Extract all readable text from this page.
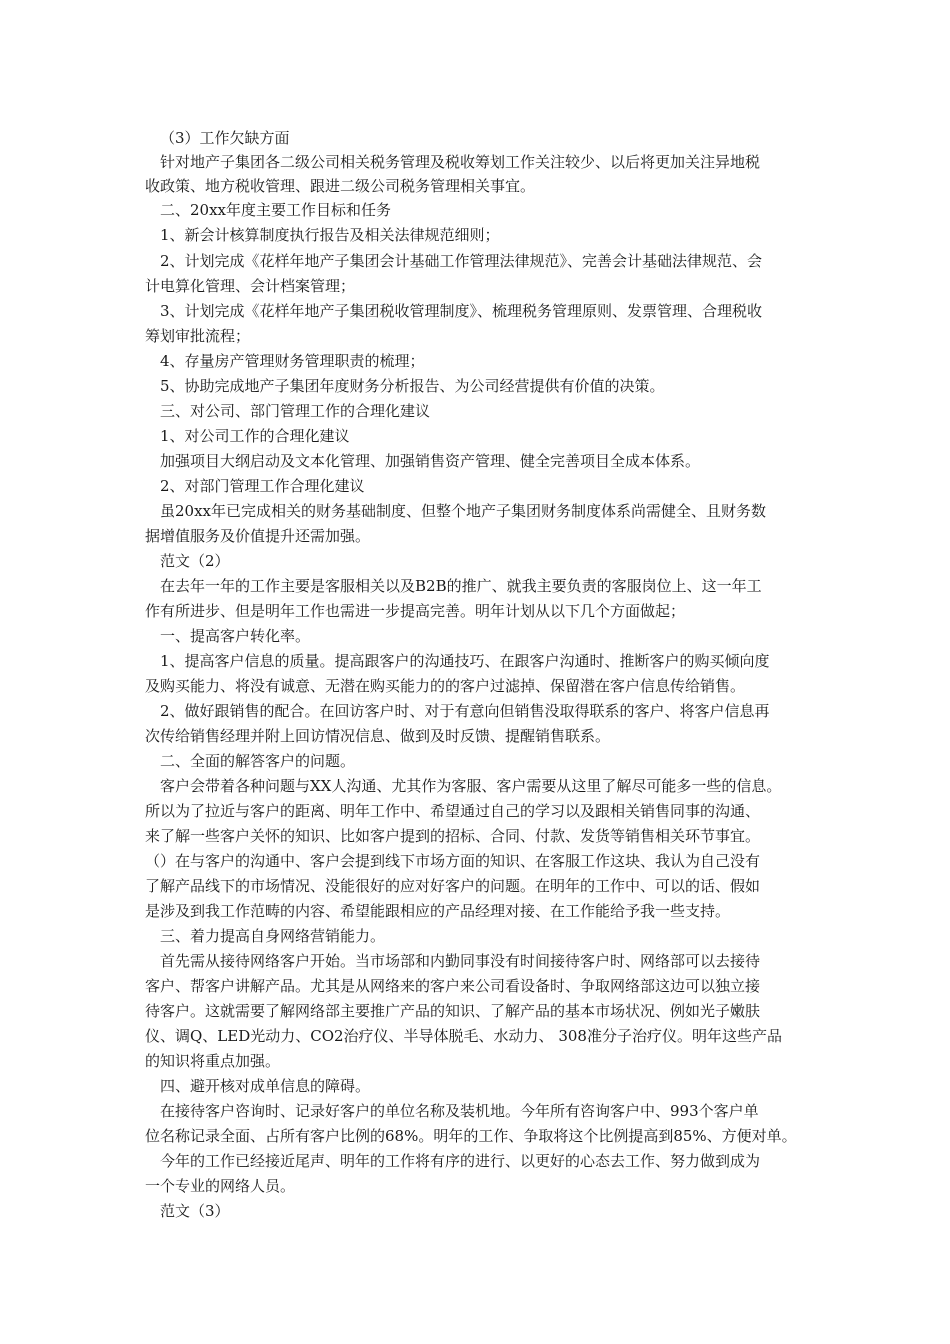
（3）工作欠缺方面
针对地产子集团各二级公司相关税务管理及税收筹划工作关注较少、以后将更加关注异地税
收政策、地方税收管理、跟进二级公司税务管理相关事宜。
二、20xx年度主要工作目标和任务
1、新会计核算制度执行报告及相关法律规范细则；
2、计划完成《花样年地产子集团会计基础工作管理法律规范》、完善会计基础法律规范、会
计电算化管理、会计档案管理；
3、计划完成《花样年地产子集团税收管理制度》、梳理税务管理原则、发票管理、合理税收
筹划审批流程；
4、存量房产管理财务管理职责的梳理；
5、协助完成地产子集团年度财务分析报告、为公司经营提供有价值的决策。
三、对公司、部门管理工作的合理化建议
1、对公司工作的合理化建议
加强项目大纲启动及文本化管理、加强销售资产管理、健全完善项目全成本体系。
2、对部门管理工作合理化建议
虽20xx年已完成相关的财务基础制度、但整个地产子集团财务制度体系尚需健全、且财务数
据增值服务及价值提升还需加强。
范文（2）
在去年一年的工作主要是客服相关以及B2B的推广、就我主要负责的客服岗位上、这一年工
作有所进步、但是明年工作也需进一步提高完善。明年计划从以下几个方面做起；
一、提高客户转化率。
1、提高客户信息的质量。提高跟客户的沟通技巧、在跟客户沟通时、推断客户的购买倾向度
及购买能力、将没有诚意、无潜在购买能力的的客户过滤掉、保留潜在客户信息传给销售。
2、做好跟销售的配合。在回访客户时、对于有意向但销售没取得联系的客户、将客户信息再
次传给销售经理并附上回访情况信息、做到及时反馈、提醒销售联系。
二、全面的解答客户的问题。
客户会带着各种问题与XX人沟通、尤其作为客服、客户需要从这里了解尽可能多一些的信息。
所以为了拉近与客户的距离、明年工作中、希望通过自己的学习以及跟相关销售同事的沟通、
来了解一些客户关怀的知识、比如客户提到的招标、合同、付款、发货等销售相关环节事宜。
（）在与客户的沟通中、客户会提到线下市场方面的知识、在客服工作这块、我认为自己没有
了解产品线下的市场情况、没能很好的应对好客户的问题。在明年的工作中、可以的话、假如
是涉及到我工作范畴的内容、希望能跟相应的产品经理对接、在工作能给予我一些支持。
三、着力提高自身网络营销能力。
首先需从接待网络客户开始。当市场部和内勤同事没有时间接待客户时、网络部可以去接待
客户、帮客户讲解产品。尤其是从网络来的客户来公司看设备时、争取网络部这边可以独立接
待客户。这就需要了解网络部主要推广产品的知识、了解产品的基本市场状况、例如光子嫩肤
仪、调Q、LED光动力、CO2治疗仪、半导体脱毛、水动力、 308准分子治疗仪。明年这些产品
的知识将重点加强。
四、避开核对成单信息的障碍。
在接待客户咨询时、记录好客户的单位名称及装机地。今年所有咨询客户中、993个客户单
位名称记录全面、占所有客户比例的68%。明年的工作、争取将这个比例提高到85%、方便对单。
今年的工作已经接近尾声、明年的工作将有序的进行、以更好的心态去工作、努力做到成为
一个专业的网络人员。
范文（3）
